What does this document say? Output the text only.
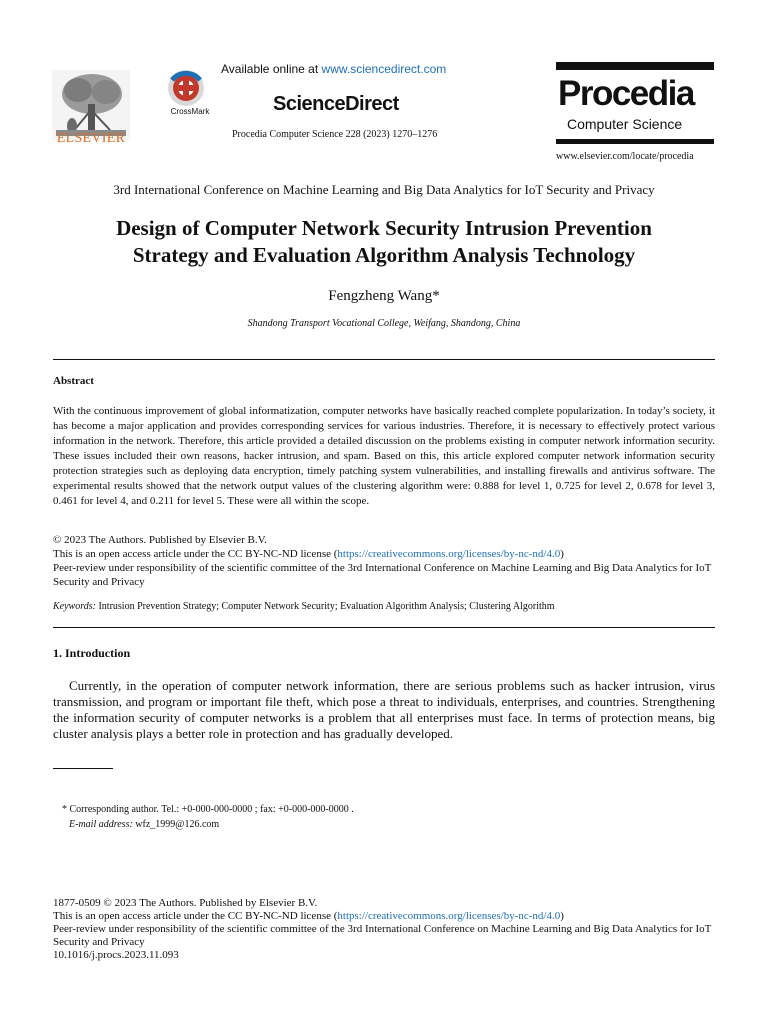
ELSEVIER
CrossMark
Available online at www.sciencedirect.com
ScienceDirect
Procedia Computer Science 228 (2023) 1270–1276
Procedia
Computer Science
www.elsevier.com/locate/procedia
3rd International Conference on Machine Learning and Big Data Analytics for IoT Security and Privacy
Design of Computer Network Security Intrusion Prevention
Strategy and Evaluation Algorithm Analysis Technology
Fengzheng Wang*
Shandong Transport Vocational College, Weifang, Shandong, China
Abstract
With the continuous improvement of global informatization, computer networks have basically reached complete popularization. In today’s society, it has become a major application and provides corresponding services for various industries. Therefore, it is necessary to effectively protect various information in the network. Therefore, this article provided a detailed discussion on the problems existing in computer network information security. These issues included their own reasons, hacker intrusion, and spam. Based on this, this article explored computer network information security protection strategies such as deploying data encryption, timely patching system vulnerabilities, and installing firewalls and antivirus software. The experimental results showed that the network output values of the clustering algorithm were: 0.888 for level 1, 0.725 for level 2, 0.678 for level 3, 0.461 for level 4, and 0.211 for level 5. These were all within the scope.
© 2023 The Authors. Published by Elsevier B.V.
This is an open access article under the CC BY-NC-ND license (https://creativecommons.org/licenses/by-nc-nd/4.0)
Peer-review under responsibility of the scientific committee of the 3rd International Conference on Machine Learning and Big Data Analytics for IoT Security and Privacy
Keywords: Intrusion Prevention Strategy; Computer Network Security; Evaluation Algorithm Analysis; Clustering Algorithm
1. Introduction
Currently, in the operation of computer network information, there are serious problems such as hacker intrusion, virus transmission, and program or important file theft, which pose a threat to individuals, enterprises, and countries. Strengthening the information security of computer networks is a problem that all enterprises must face. In terms of protection means, big cluster analysis plays a better role in protection and has gradually developed.
* Corresponding author. Tel.: +0-000-000-0000 ; fax: +0-000-000-0000 .
E-mail address: wfz_1999@126.com
1877-0509 © 2023 The Authors. Published by Elsevier B.V.
This is an open access article under the CC BY-NC-ND license (https://creativecommons.org/licenses/by-nc-nd/4.0)
Peer-review under responsibility of the scientific committee of the 3rd International Conference on Machine Learning and Big Data Analytics for IoT Security and Privacy
10.1016/j.procs.2023.11.093
